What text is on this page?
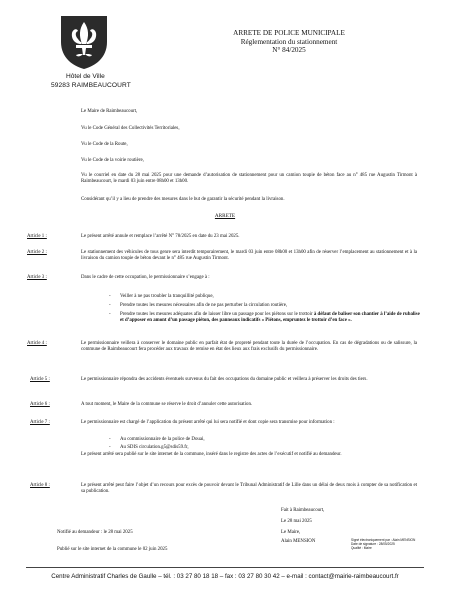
Hôtel de Ville
59283 RAIMBEAUCOURT
ARRETE DE POLICE MUNICIPALE
Réglementation du stationnement
N° 84/2025
Le Maire de Raimbeaucourt,
Vu le Code Général des Collectivités Territoriales,
Vu le Code de la Route,
Vu le Code de la voirie routière,
Vu le courriel en date du 28 mai 2025 pour une demande d’autorisation de stationnement pour un camion toupie de béton face au n° 485 rue Augustin Tirmont à Raimbeaucourt, le mardi 03 juin entre 08h00 et 13h00.
Considérant qu’il y a lieu de prendre des mesures dans le but de garantir la sécurité pendant la livraison.
ARRETE
Article 1 :	Le présent arrêté annule et remplace l’arrêté N° 78/2025 en date du 23 mai 2025.
Article 2 :	Le stationnement des véhicules de tous genre sera interdit temporairement, le mardi 03 juin entre 08h00 et 13h00 afin de réserver l’emplacement au stationnement et à la livraison du camion toupie de béton devant le n° 485 rue Augustin Tirmont.
Article 3 :	Dans le cadre de cette occupation, le permissionnaire s’engage à :
- Veiller à ne pas troubler la tranquillité publique,
- Prendre toutes les mesures nécessaires afin de ne pas perturber la circulation routière,
- Prendre toutes les mesures adéquates afin de laisser libre un passage pour les piétons sur le trottoir à défaut de baliser son chantier à l’aide de rubalise et d’apposer en amont d’un passage piéton, des panneaux indicatifs « Piétons, empruntez le trottoir d’en face ».
Article 4 :	Le permissionnaire veillera à conserver le domaine public en parfait état de propreté pendant toute la durée de l’occupation. En cas de dégradations ou de salissure, la commune de Raimbeaucourt fera procéder aux travaux de remise en état des lieux aux frais exclusifs du permissionnaire.
Article 5 :	Le permissionnaire répondra des accidents éventuels survenus du fait des occupations du domaine public et veillera à préserver les droits des tiers.
Article 6 :	A tout moment, le Maire de la commune se réserve le droit d’annuler cette autorisation.
Article 7 :	Le permissionnaire est chargé de l’application du présent arrêté qui lui sera notifié et dont copie sera transmise pour information :
- Au commissionnaire de la police de Douai,
- Au SDIS circulation.g5@sdis59.fr,
Le présent arrêté sera publié sur le site internet de la commune, inséré dans le registre des actes de l’exécutif et notifié au demandeur.
Article 8 :	Le présent arrêté peut faire l’objet d’un recours pour excès de pouvoir devant le Tribunal Administratif de Lille dans un délai de deux mois à compter de sa notification et sa publication.
Fait à Raimbeaucourt,
Le 28 mai 2025
Le Maire,
Alain MENSION	Signé électroniquement par : Alain MENSION
Date de signature : 28/05/2025
Qualité : Maire
Notifié au demandeur : le 28 mai 2025
Publié sur le site internet de la commune le 02 juin 2025
Centre Administratif Charles de Gaulle – tél. : 03 27 80 18 18 – fax : 03 27 80 30 42 – e-mail : contact@mairie-raimbeaucourt.fr
